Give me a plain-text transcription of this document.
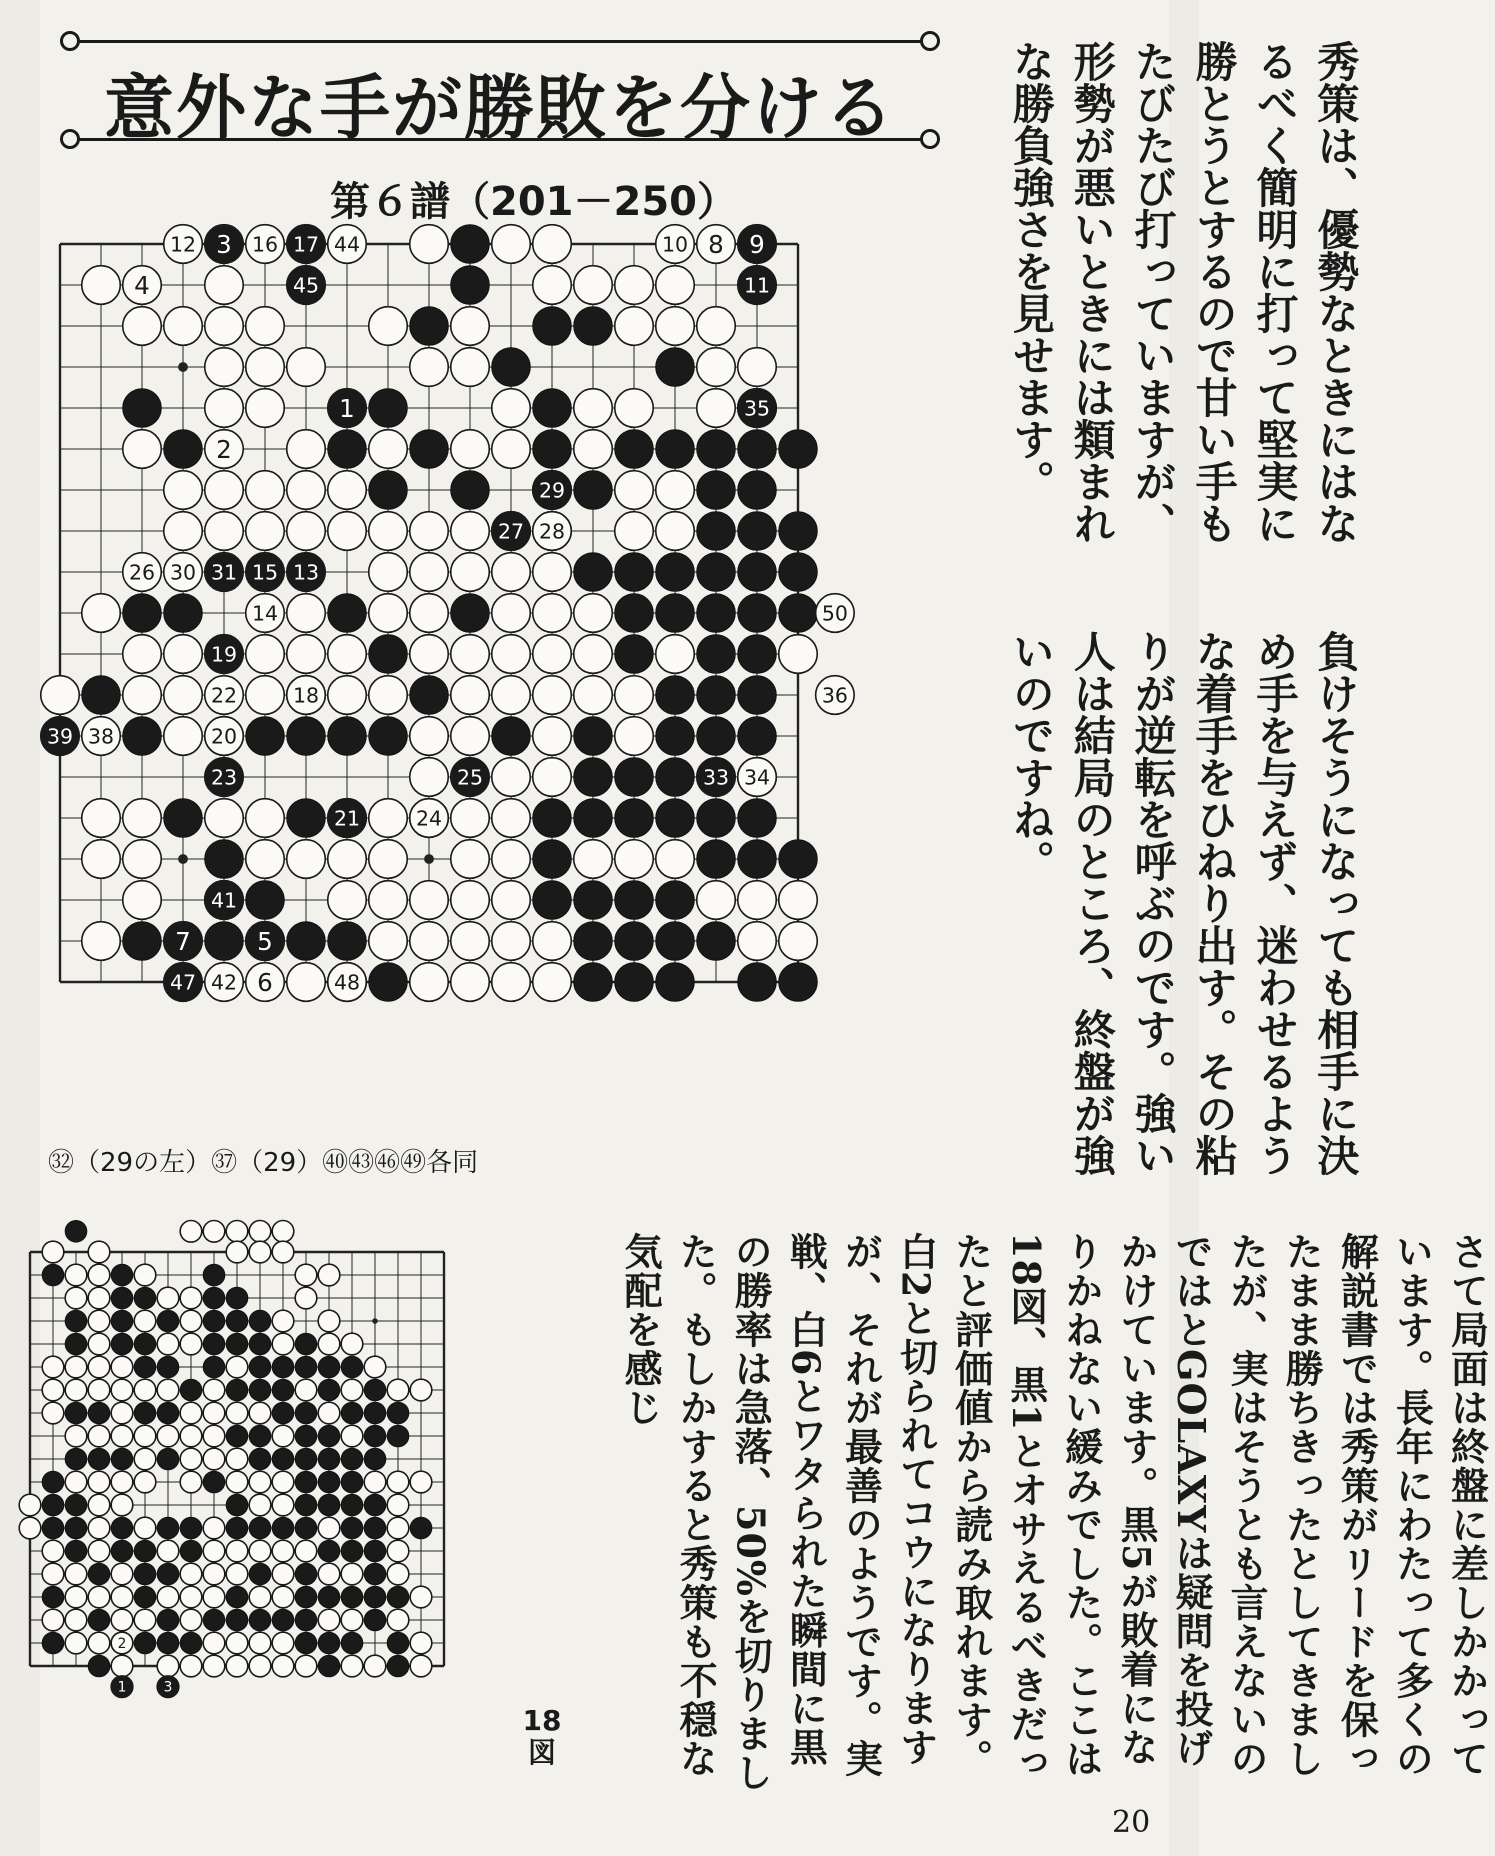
意外な手が勝敗を分ける
第６譜（201－250）
1
2
3
4
5
6
7
8 9
10
11
12
13
14
15
16 17
18
19
20
21
22
23
24
25
26
27 28
29
30 31
33 34
35
36
38
39
41
42
44
45
47	48
50
㉜（29の左）㊲（29）㊵㊸㊻㊾各同
1
2
3
18
図
秀策は、優勢なときにはなるべく簡明に打って堅実に勝とうとするので甘い手もたびたび打っていますが、形勢が悪いときには類まれな勝負強さを見せます。
負けそうになっても相手に決め手を与えず、迷わせるような着手をひねり出す。その粘りが逆転を呼ぶのです。強い人は結局のところ、終盤が強いのですね。
さて局面は終盤に差しかかっています。長年にわたって多くの解説書では秀策がリードを保ったまま勝ちきったとしてきましたが、実はそうとも言えないのではとGOLAXYは疑問を投げかけています。黒5が敗着になりかねない緩みでした。ここは18図、黒1とオサえるべきだったと評価値から読み取れます。白2と切られてコウになりますが、それが最善のようです。実戦、白6とワタられた瞬間に黒の勝率は急落、50%を切りました。もしかすると秀策も不穏な気配を感じ
20
